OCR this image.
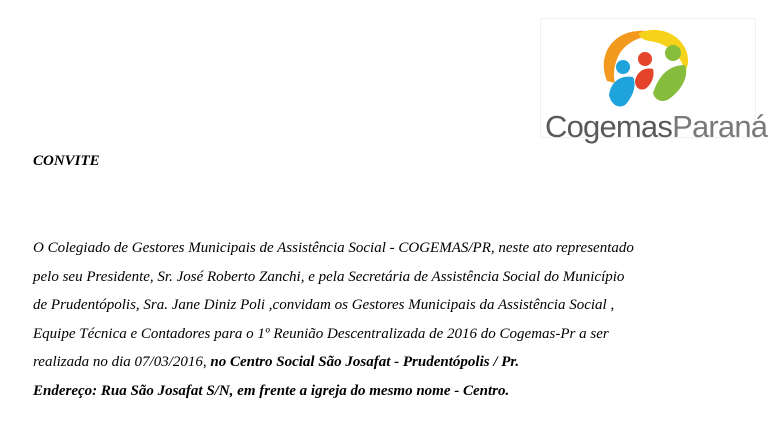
CogemasParaná
CONVITE
O Colegiado de Gestores Municipais de Assistência Social - COGEMAS/PR, neste ato representado
pelo seu Presidente, Sr. José Roberto Zanchi, e pela Secretária de Assistência Social do Município
de Prudentópolis, Sra. Jane Diniz Poli ,convidam os Gestores Municipais da Assistência Social ,
Equipe Técnica e Contadores para o 1º Reunião Descentralizada de 2016 do Cogemas-Pr a ser
realizada no dia 07/03/2016, no Centro Social São Josafat - Prudentópolis / Pr.
Endereço: Rua São Josafat S/N, em frente a igreja do mesmo nome - Centro.
